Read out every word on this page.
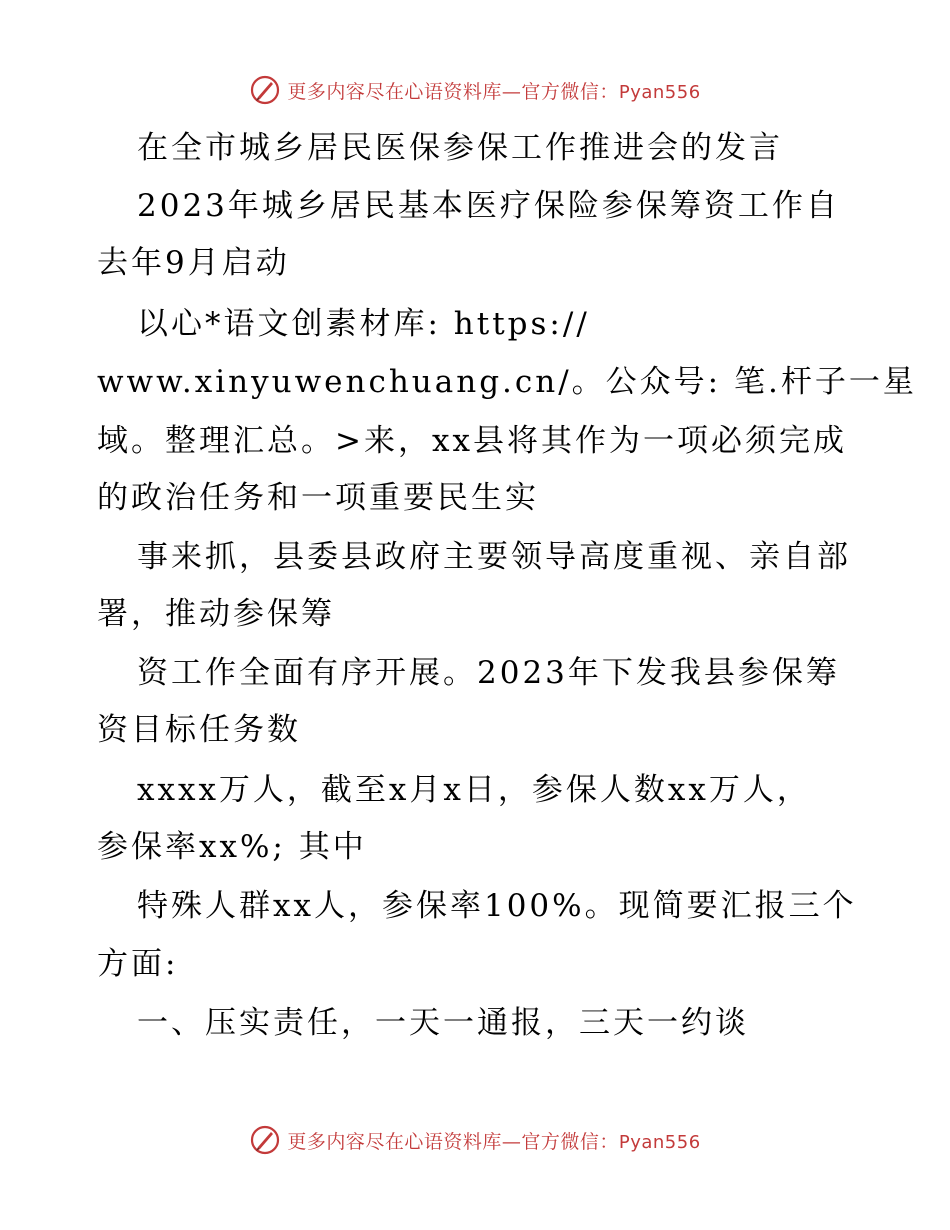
更多内容尽在心语资料库—官方微信：Pyan556
在全市城乡居民医保参保工作推进会的发言
2023年城乡居民基本医疗保险参保筹资工作自
去年9月启动
以心*语文创素材库: https://
www.xinyuwenchuang.cn/。公众号: 笔.杆子一星
域。整理汇总。>来，xx县将其作为一项必须完成
的政治任务和一项重要民生实
事来抓，县委县政府主要领导高度重视、亲自部
署，推动参保筹
资工作全面有序开展。2023年下发我县参保筹
资目标任务数
xxxx万人，截至x月x日，参保人数xx万人，
参保率xx%; 其中
特殊人群xx人，参保率100%。现简要汇报三个
方面:
一、压实责任，一天一通报，三天一约谈
更多内容尽在心语资料库—官方微信：Pyan556
